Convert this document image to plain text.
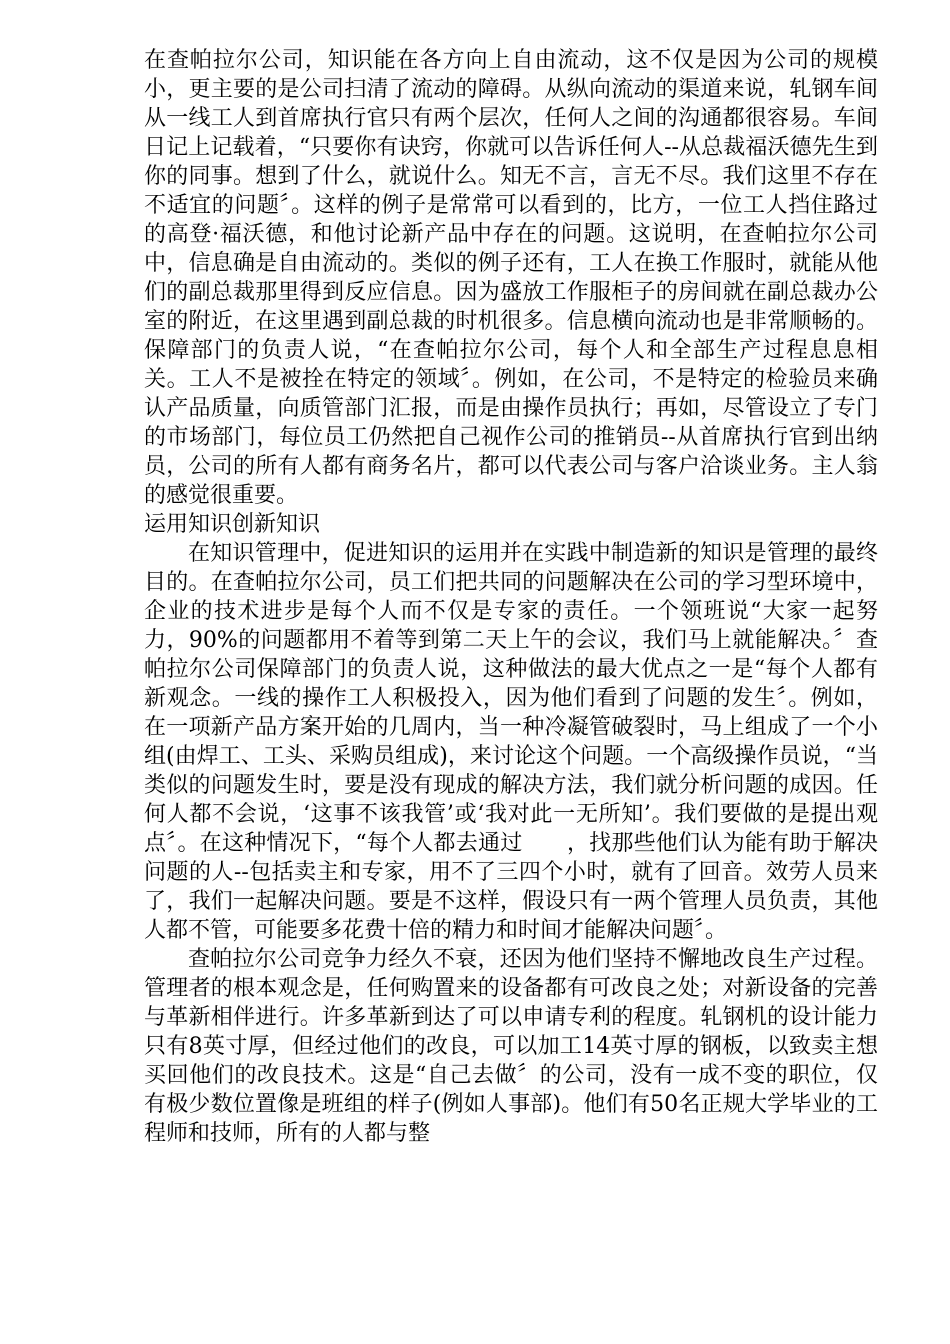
在查帕拉尔公司，知识能在各方向上自由流动，这不仅是因为公司的规模小，更主要的是公司扫清了流动的障碍。从纵向流动的渠道来说，轧钢车间从一线工人到首席执行官只有两个层次，任何人之间的沟通都很容易。车间日记上记载着，“只要你有诀窍，你就可以告诉任何人--从总裁福沃德先生到你的同事。想到了什么，就说什么。知无不言，言无不尽。我们这里不存在不适宜的问题〞。这样的例子是常常可以看到的，比方，一位工人挡住路过的高登·福沃德，和他讨论新产品中存在的问题。这说明，在查帕拉尔公司中，信息确是自由流动的。类似的例子还有，工人在换工作服时，就能从他们的副总裁那里得到反应信息。因为盛放工作服柜子的房间就在副总裁办公室的附近，在这里遇到副总裁的时机很多。信息横向流动也是非常顺畅的。保障部门的负责人说，“在查帕拉尔公司，每个人和全部生产过程息息相关。工人不是被拴在特定的领域〞。例如，在公司，不是特定的检验员来确认产品质量，向质管部门汇报，而是由操作员执行；再如，尽管设立了专门的市场部门，每位员工仍然把自己视作公司的推销员--从首席执行官到出纳员，公司的所有人都有商务名片，都可以代表公司与客户洽谈业务。主人翁的感觉很重要。

运用知识创新知识

在知识管理中，促进知识的运用并在实践中制造新的知识是管理的最终目的。在查帕拉尔公司，员工们把共同的问题解决在公司的学习型环境中，企业的技术进步是每个人而不仅是专家的责任。一个领班说“大家一起努力，90%的问题都用不着等到第二天上午的会议，我们马上就能解决。〞查帕拉尔公司保障部门的负责人说，这种做法的最大优点之一是“每个人都有新观念。一线的操作工人积极投入，因为他们看到了问题的发生〞。例如，在一项新产品方案开始的几周内，当一种冷凝管破裂时，马上组成了一个小组(由焊工、工头、采购员组成)，来讨论这个问题。一个高级操作员说，“当类似的问题发生时，要是没有现成的解决方法，我们就分析问题的成因。任何人都不会说，‘这事不该我管’或‘我对此一无所知’。我们要做的是提出观点〞。在这种情况下，“每个人都去通过　　，找那些他们认为能有助于解决问题的人--包括卖主和专家，用不了三四个小时，就有了回音。效劳人员来了，我们一起解决问题。要是不这样，假设只有一两个管理人员负责，其他人都不管，可能要多花费十倍的精力和时间才能解决问题〞。

查帕拉尔公司竞争力经久不衰，还因为他们坚持不懈地改良生产过程。管理者的根本观念是，任何购置来的设备都有可改良之处；对新设备的完善与革新相伴进行。许多革新到达了可以申请专利的程度。轧钢机的设计能力只有8英寸厚，但经过他们的改良，可以加工14英寸厚的钢板，以致卖主想买回他们的改良技术。这是“自己去做〞的公司，没有一成不变的职位，仅有极少数位置像是班组的样子(例如人事部)。他们有50名正规大学毕业的工程师和技师，所有的人都与整
